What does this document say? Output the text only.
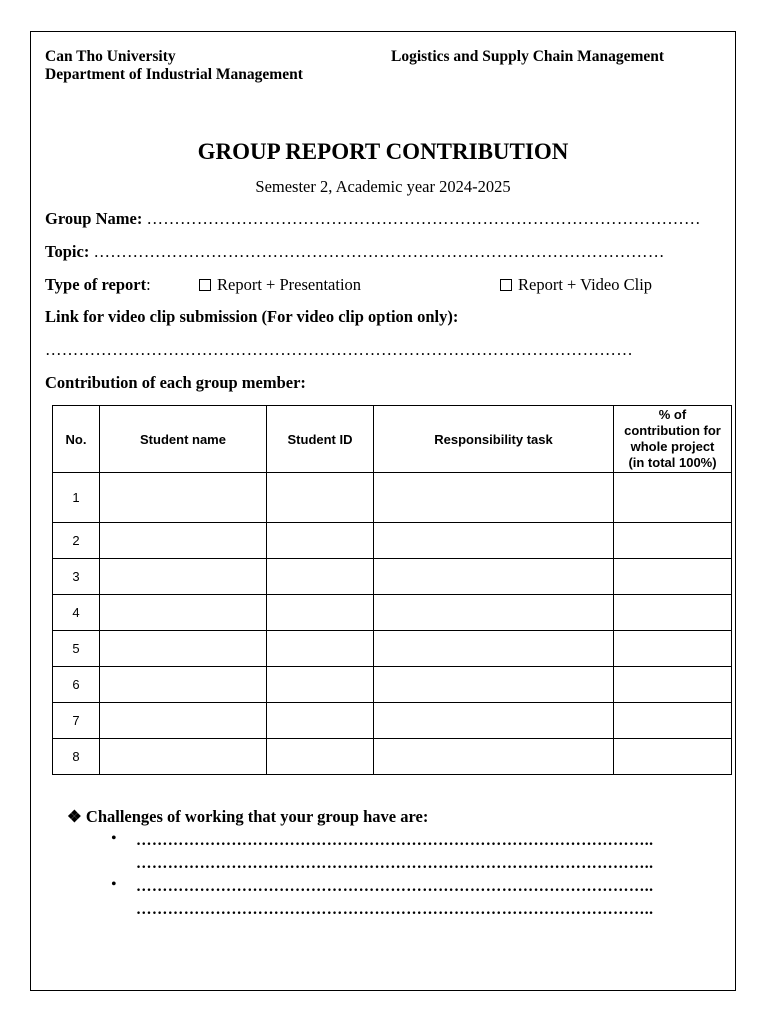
Can Tho University
Department of Industrial Management
Logistics and Supply Chain Management
GROUP REPORT CONTRIBUTION
Semester 2, Academic year 2024-2025
Group Name: ………………………………………………………………………………………
Topic: …………………………………………………………………………………………
Type of report:	Report + Presentation	Report + Video Clip
Link for video clip submission (For video clip option only):
……………………………………………………………………………………………
Contribution of each group member:
No.	Student name	Student ID	Responsibility task	% of
contribution for
whole project
(in total 100%)

1				
2				
3				
4				
5				
6				
7				
8				
❖ Challenges of working that your group have are:
• ……………………………………………………………………………………..
……………………………………………………………………………………..
• ……………………………………………………………………………………..
……………………………………………………………………………………..
